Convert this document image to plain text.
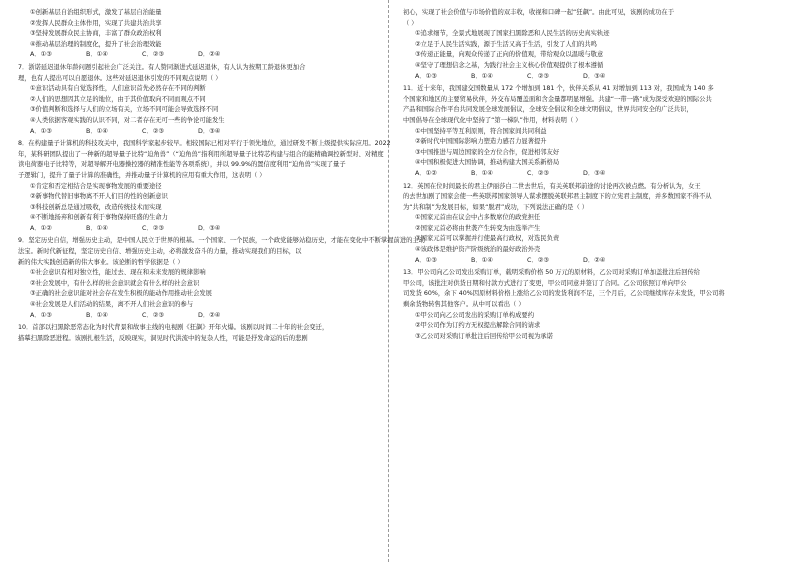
①创新基层自治组织形式，激发了基层自治能量
②发挥人民群众主体作用，实现了共建共治共享
③坚持发展群众民主协商，丰富了群众政治权利
④推动基层治理的制度化，提升了社会治理效能
A．①③	B．①④	C．②③	D．②④
7．浙诺延迟退休年龄问题引起社会广泛关注。有人赞同渐进式延迟退休，有人认为按期工龄退休更加合
理，也有人提出可以自愿退休。这些对延迟退休引发的不同观点说明（ ）
①意识活动具有自觉选择性，人们意识首先必然存在不同的判断
②人们的思想因其立足的地位，由于其价值取向不同而观点不同
③价值判断和选择与人们的立场有关，立场不同可能会导致选择不同
④人类依据客观实践的认识不同，对二者存在无可一些的争论可能发生
A．①③	B．①④	C．②③	D．③④
8．在构建量子计算机的科技攻关中，我国科学家起步较早。相较国际已相对平行于领先地位，通过研发不断上级提供实际应用。2022
年，某科研团队提出了一种新的超导量子比特“迫角兽”（“迫角兽”指利用所超导量子比特芯构建与组合的能精确调控新型对、对精度
读电荷器电子比特等，对超导解开电器操控器的精准性能等各项系统），并以 99.9%的置信度利用“迫角兽”实现了量子
子逻辑门，提升了量子计算的准确性，并推动量子计算机的应用有重大作用，这表明（ ）
①肯定和否定相结合是实现事物发展的重要途径
②新事物代替旧事物离不开人们目的性的创新意识
③科技创新总是通过吸收，改造传统技术而实现
④不断地扬弃和创新有利于事物保持旺盛的生命力
A．①②	B．①④	C．②③	D．③④
9．坚定历史自信，增强历史主动，是中国人民立于世界的根基。一个国家、一个民族，一个政党能够站稳历史，才能在变化中不断掌握前进的主动
法宝。新时代新征程，坚定历史自信、增强历史主动，必将激发奋斗的力量，推动实现我们的目标，以
新的伟大实践创造新的伟大事业。该论断的哲学依据是（ ）
①社会意识有相对独立性，能过去、现在和未来发展的规律影响
②社会发展中，有什么样的社会意识就会有什么样的社会意识
③正确的社会意识能对社会存在发生积极的能动作用推动社会发展
④社会发展是人们活动的结果，离不开人们社会意识的参与
A．①③	B．①④	C．②③	D．②④
10．首部以扫黑除恶常态化为时代背景和故事主线的电视剧《狂飙》开年火爆。该剧以时间二十年的社会变迁，
描摹扫黑除恶进程。该剧扎根生活，反映现实，洞见时代洪流中的复杂人性，可能是抒发命运的后的悲剧
初心，实现了社会价值与市场价值的双丰收，收视和口碑一起“狂飙”。由此可见，该剧的成功在于
（ ）
①追求细节，全景式地展现了国家扫黑除恶和人民生活的历史真实轨迹
②立足于人民生活实践，源于生活又高于生活，引发了人们的共鸣
③传递正能量，向观众传递了正向的价值观，带给观众以温暖与敬意
④坚守了理想信念之基，为践行社会主义核心价值观提供了根本遵循
A．①③	B．①④	C．②③	D．③④
11．近十来年，我国建交国数量从 172 个增加到 181 个，伙伴关系从 41 对增加到 113 对，我国成为 140 多
个国家和地区的主要贸易伙伴，外交布局覆盖面和含金量都明显增强。共建“一带一路”成为深受欢迎的国际公共
产品和国际合作平台共同发展全球发展倡议，全球安全倡议和全球文明倡议，世界共同安全的广泛共识，
中国倡导在全球现代化中坚持了“第一梯队”作用，材料表明（ ）
①中国坚持平等互利原则，符合国家间共同利益
②新时代中国国际影响力塑造力感召力显著提升
③中国推进与周边国家的全方位合作，促进相邻友好
④中国积极促进大国协调，推动构建大国关系新格局
A．①②	B．①④	C．②③	D．③④
12．英国在位时间最长的君主伊丽莎白二世去世后，有关英联邦前途的讨论再次被点燃。有分析认为，女王
的去世加剧了国家会使一些英联邦国家领导人谋求摆脱英联邦君主制度下的立宪君主制度，并多数国家不得不从
为“共和制”为发展目标，如果“脱君”成功，下列说法正确的是（ ）
①国家元首由在议会中占多数席位的政党担任
②国家元首必将由世袭产生转变为由选举产生
③国家元首可以掌握并行使最高行政权，对选民负责
④该政体是维护资产阶级统治的最好政治外壳
A．①③	B．①④	C．②③	D．②④
13．甲公司向乙公司发出采购订单，载明采购价格 50 万元的原材料，乙公司对采购订单加盖批注后回传给
甲公司，该批注对供货日期和付款方式进行了变更，甲公司同意并签订了合同。乙公司依照订单向甲公
司发货 60%，余下 40%因原材料价格上涨给乙公司的发货利润不足，三个月后，乙公司继续库存未发货，甲公司将
剩余货物转售其他客户。从中可以看出（ ）
①甲公司向乙公司发出的采购订单构成要约
②甲公司作为订约方无权提出解除合同的请求
③乙公司对采购订单批注后回传给甲公司视为承诺
